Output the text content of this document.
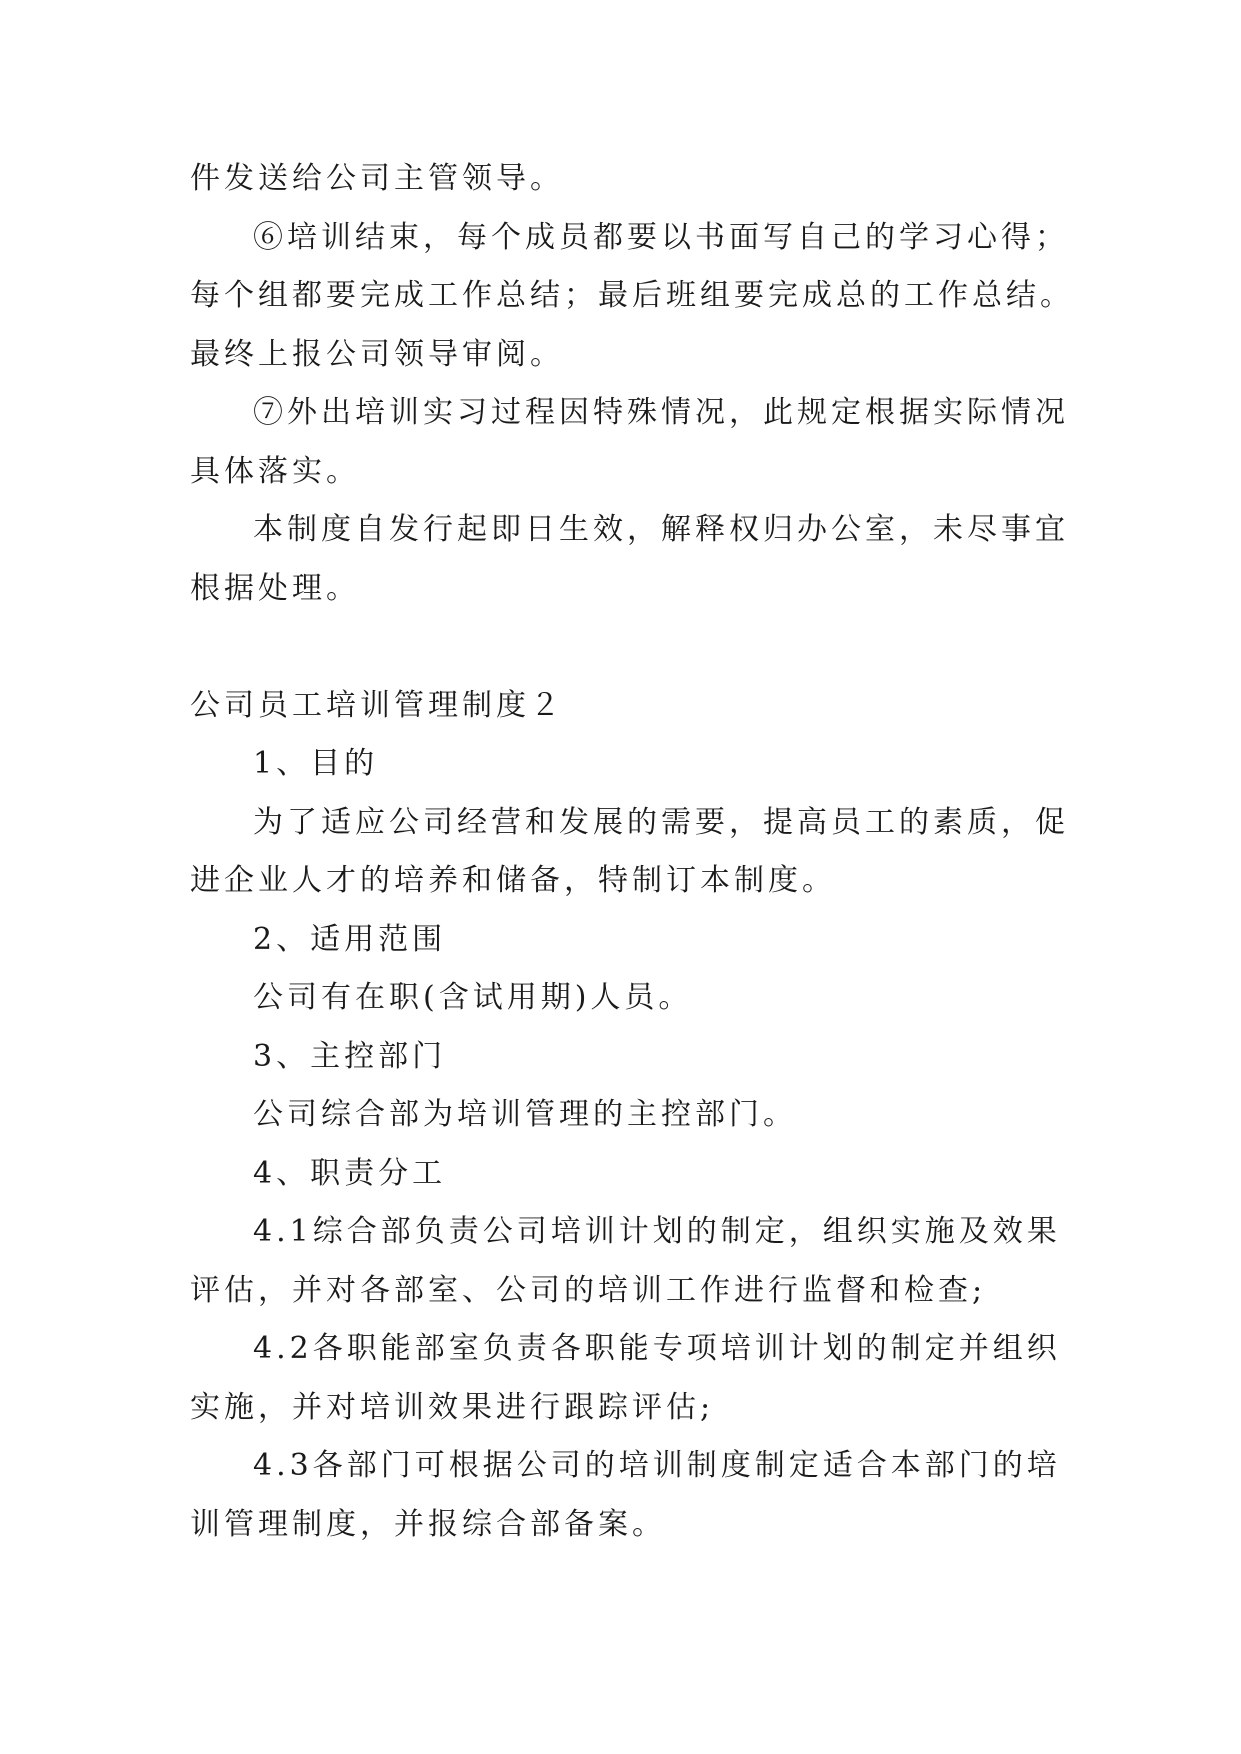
件发送给公司主管领导。
⑥培训结束，每个成员都要以书面写自己的学习心得；
每个组都要完成工作总结；最后班组要完成总的工作总结。
最终上报公司领导审阅。
⑦外出培训实习过程因特殊情况，此规定根据实际情况
具体落实。
本制度自发行起即日生效，解释权归办公室，未尽事宜
根据处理。
公司员工培训管理制度２
1、目的
为了适应公司经营和发展的需要，提高员工的素质，促
进企业人才的培养和储备，特制订本制度。
2、适用范围
公司有在职(含试用期)人员。
3、主控部门
公司综合部为培训管理的主控部门。
4、职责分工
4.1综合部负责公司培训计划的制定，组织实施及效果
评估，并对各部室、公司的培训工作进行监督和检查;
4.2各职能部室负责各职能专项培训计划的制定并组织
实施，并对培训效果进行跟踪评估;
4.3各部门可根据公司的培训制度制定适合本部门的培
训管理制度，并报综合部备案。
